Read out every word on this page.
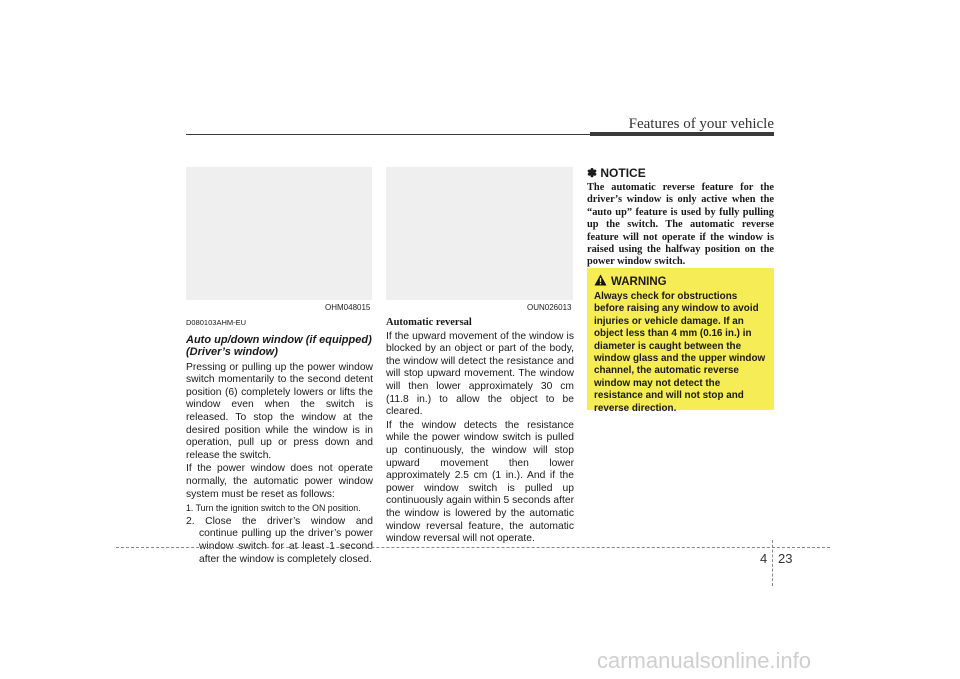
Features of your vehicle
OHM048015	OUN026013

D080103AHM-EU

Auto up/down window (if equipped)
(Driver’s window)

Pressing or pulling up the power window switch momentarily to the second detent position (6) completely lowers or lifts the window even when the switch is released. To stop the window at the desired position while the window is in operation, pull up or press down and release the switch.

If the power window does not operate normally, the automatic power window system must be reset as follows:

1. Turn the ignition switch to the ON position.

2. Close the driver’s window and continue pulling up the driver’s power window switch for at least 1 second after the window is completely closed.

Automatic reversal

If the upward movement of the window is blocked by an object or part of the body, the window will detect the resistance and will stop upward movement. The window will then lower approximately 30 cm (11.8 in.) to allow the object to be cleared.

If the window detects the resistance while the power window switch is pulled up continuously, the window will stop upward movement then lower approximately 2.5 cm (1 in.). And if the power window switch is pulled up continuously again within 5 seconds after the window is lowered by the automatic window reversal feature, the automatic window reversal will not operate.

✽ NOTICE
The automatic reverse feature for the driver’s window is only active when the “auto up” feature is used by fully pulling up the switch. The automatic reverse feature will not operate if the window is raised using the halfway position on the power window switch.
WARNING
Always check for obstructions before raising any window to avoid injuries or vehicle damage. If an object less than 4 mm (0.16 in.) in diameter is caught between the window glass and the upper window channel, the automatic reverse window may not detect the resistance and will not stop and reverse direction.
4 23
carmanualsonline.info
